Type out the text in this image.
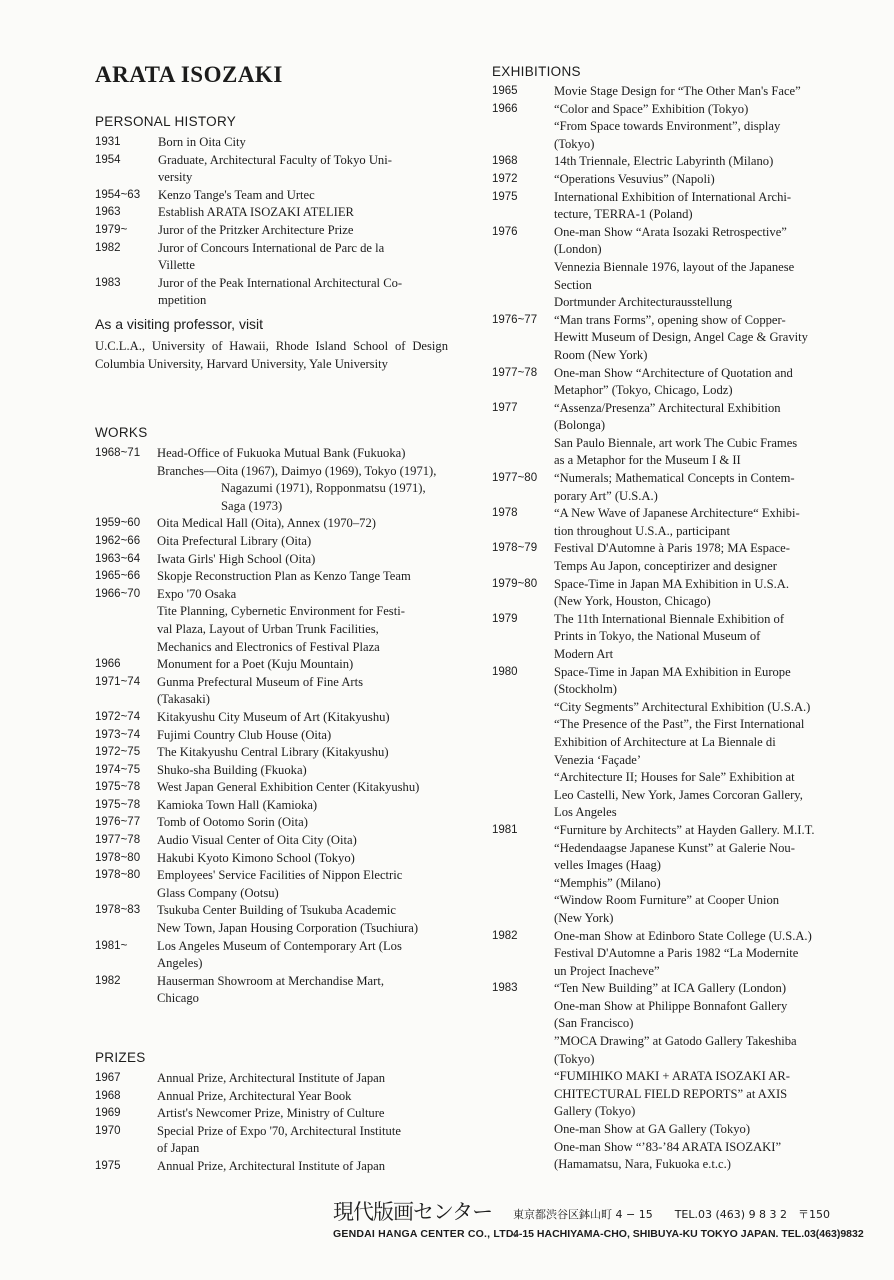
ARATA ISOZAKI
PERSONAL HISTORY
1931	Born in Oita City
1954	Graduate, Architectural Faculty of Tokyo Uni-
versity
1954~63	Kenzo Tange's Team and Urtec
1963	Establish ARATA ISOZAKI ATELIER
1979~	Juror of the Pritzker Architecture Prize
1982	Juror of Concours International de Parc de la
Villette
1983	Juror of the Peak International Architectural Co-
mpetition
As a visiting professor, visit
U.C.L.A., University of Hawaii, Rhode Island School of Design Columbia University, Harvard University, Yale University
WORKS
1968~71	Head-Office of Fukuoka Mutual Bank (Fukuoka)
Branches—Oita (1967), Daimyo (1969), Tokyo (1971),
Nagazumi (1971), Ropponmatsu (1971),
Saga (1973)
1959~60	Oita Medical Hall (Oita), Annex (1970–72)
1962~66	Oita Prefectural Library (Oita)
1963~64	Iwata Girls' High School (Oita)
1965~66	Skopje Reconstruction Plan as Kenzo Tange Team
1966~70	Expo '70 Osaka
Tite Planning, Cybernetic Environment for Festi-
val Plaza, Layout of Urban Trunk Facilities,
Mechanics and Electronics of Festival Plaza
1966	Monument for a Poet (Kuju Mountain)
1971~74	Gunma Prefectural Museum of Fine Arts
(Takasaki)
1972~74	Kitakyushu City Museum of Art (Kitakyushu)
1973~74	Fujimi Country Club House (Oita)
1972~75	The Kitakyushu Central Library (Kitakyushu)
1974~75	Shuko-sha Building (Fkuoka)
1975~78	West Japan General Exhibition Center (Kitakyushu)
1975~78	Kamioka Town Hall (Kamioka)
1976~77	Tomb of Ootomo Sorin (Oita)
1977~78	Audio Visual Center of Oita City (Oita)
1978~80	Hakubi Kyoto Kimono School (Tokyo)
1978~80	Employees' Service Facilities of Nippon Electric
Glass Company (Ootsu)
1978~83	Tsukuba Center Building of Tsukuba Academic
New Town, Japan Housing Corporation (Tsuchiura)
1981~	Los Angeles Museum of Contemporary Art (Los
Angeles)
1982	Hauserman Showroom at Merchandise Mart,
Chicago
PRIZES
1967	Annual Prize, Architectural Institute of Japan
1968	Annual Prize, Architectural Year Book
1969	Artist's Newcomer Prize, Ministry of Culture
1970	Special Prize of Expo '70, Architectural Institute
of Japan
1975	Annual Prize, Architectural Institute of Japan
EXHIBITIONS
1965	Movie Stage Design for “The Other Man's Face”
1966	“Color and Space” Exhibition (Tokyo)
“From Space towards Environment”, display
(Tokyo)
1968	14th Triennale, Electric Labyrinth (Milano)
1972	“Operations Vesuvius” (Napoli)
1975	International Exhibition of International Archi-
tecture, TERRA-1 (Poland)
1976	One-man Show “Arata Isozaki Retrospective”
(London)
Vennezia Biennale 1976, layout of the Japanese
Section
Dortmunder Architecturausstellung
1976~77	“Man trans Forms”, opening show of Copper-
Hewitt Museum of Design, Angel Cage & Gravity
Room (New York)
1977~78	One-man Show “Architecture of Quotation and
Metaphor” (Tokyo, Chicago, Lodz)
1977	“Assenza/Presenza” Architectural Exhibition
(Bolonga)
San Paulo Biennale, art work The Cubic Frames
as a Metaphor for the Museum I & II
1977~80	“Numerals; Mathematical Concepts in Contem-
porary Art” (U.S.A.)
1978	“A New Wave of Japanese Architecture“ Exhibi-
tion throughout U.S.A., participant
1978~79	Festival D'Automne à Paris 1978; MA Espace-
Temps Au Japon, conceptirizer and designer
1979~80	Space-Time in Japan MA Exhibition in U.S.A.
(New York, Houston, Chicago)
1979	The 11th International Biennale Exhibition of
Prints in Tokyo, the National Museum of
Modern Art
1980	Space-Time in Japan MA Exhibition in Europe
(Stockholm)
“City Segments” Architectural Exhibition (U.S.A.)
“The Presence of the Past”, the First International
Exhibition of Architecture at La Biennale di
Venezia ‘Façade’
“Architecture II; Houses for Sale” Exhibition at
Leo Castelli, New York, James Corcoran Gallery,
Los Angeles
1981	“Furniture by Architects” at Hayden Gallery. M.I.T.
“Hedendaagse Japanese Kunst” at Galerie Nou-
velles Images (Haag)
“Memphis” (Milano)
“Window Room Furniture” at Cooper Union
(New York)
1982	One-man Show at Edinboro State College (U.S.A.)
Festival D'Automne a Paris 1982 “La Modernite
un Project Inacheve”
1983	“Ten New Building” at ICA Gallery (London)
One-man Show at Philippe Bonnafont Gallery
(San Francisco)
”MOCA Drawing” at Gatodo Gallery Takeshiba
(Tokyo)
“FUMIHIKO MAKI + ARATA ISOZAKI AR-
CHITECTURAL FIELD REPORTS” at AXIS
Gallery (Tokyo)
One-man Show at GA Gallery (Tokyo)
One-man Show “’83-’84 ARATA ISOZAKI”
(Hamamatsu, Nara, Fukuoka e.t.c.)
現代版画センター
GENDAI HANGA CENTER CO., LTD.
東京都渋谷区鉢山町 4 − 15　　TEL.03 (463) 9 8 3 2　〒150
4-15 HACHIYAMA-CHO, SHIBUYA-KU TOKYO JAPAN. TEL.03(463)9832
